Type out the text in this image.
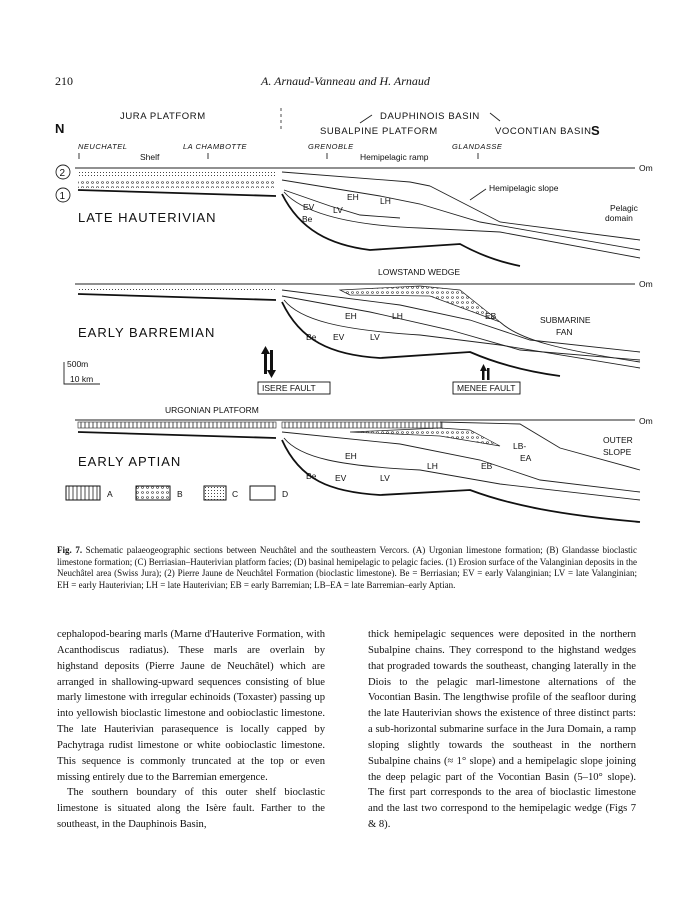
210	A. Arnaud-Vanneau and H. Arnaud
JURA PLATFORM	DAUPHINOIS BASIN
N	SUBALPINE PLATFORM	VOCONTIAN BASIN S
NEUCHATEL	LA CHAMBOTTE	GRENOBLE	GLANDASSE
Shelf	Hemipelagic ramp
Om
LATE HAUTERIVIAN
2
1
Hemipelagic slope
Pelagic
domain
EH LH
EV LV
Be
LOWSTAND WEDGE
Om
EARLY BARREMIAN
SUBMARINE
FAN
EH	LH	EB
Be EV	LV
500m
10 km
ISERE FAULT	MENEE FAULT
URGONIAN PLATFORM
Om
EARLY APTIAN
OUTER
SLOPE
LB-
EA
EH
LH	EB
Be EV	LV
A	B	C	D
Fig. 7. Schematic palaeogeographic sections between Neuchâtel and the southeastern Vercors. (A) Urgonian limestone formation; (B) Glandasse bioclastic limestone formation; (C) Berriasian–Hauterivian platform facies; (D) basinal hemipelagic to pelagic facies. (1) Erosion surface of the Valanginian deposits in the Neuchâtel area (Swiss Jura); (2) Pierre Jaune de Neuchâtel Formation (bioclastic limestone). Be = Berriasian; EV = early Valanginian; LV = late Valanginian; EH = early Hauterivian; LH = late Hauterivian; EB = early Barremian; LB–EA = late Barremian–early Aptian.

cephalopod-bearing marls (Marne d'Hauterive Formation, with Acanthodiscus radiatus). These marls are overlain by highstand deposits (Pierre Jaune de Neuchâtel) which are arranged in shallowing-upward sequences consisting of blue marly limestone with irregular echinoids (Toxaster) passing up into yellowish bioclastic limestone and oobioclastic limestone. The late Hauterivian parasequence is locally capped by Pachytraga rudist limestone or white oobioclastic limestone. This sequence is commonly truncated at the top or even missing entirely due to the Barremian emergence.

The southern boundary of this outer shelf bioclastic limestone is situated along the Isère fault. Farther to the southeast, in the Dauphinois Basin,

thick hemipelagic sequences were deposited in the northern Subalpine chains. They correspond to the highstand wedges that prograded towards the southeast, changing laterally in the Diois to the pelagic marl-limestone alternations of the Vocontian Basin. The lengthwise profile of the seafloor during the late Hauterivian shows the existence of three distinct parts: a sub-horizontal submarine surface in the Jura Domain, a ramp sloping slightly towards the southeast in the northern Subalpine chains (≈ 1° slope) and a hemipelagic slope joining the deep pelagic part of the Vocontian Basin (5–10° slope). The first part corresponds to the area of bioclastic limestone and the last two correspond to the hemipelagic wedge (Figs 7 & 8).
